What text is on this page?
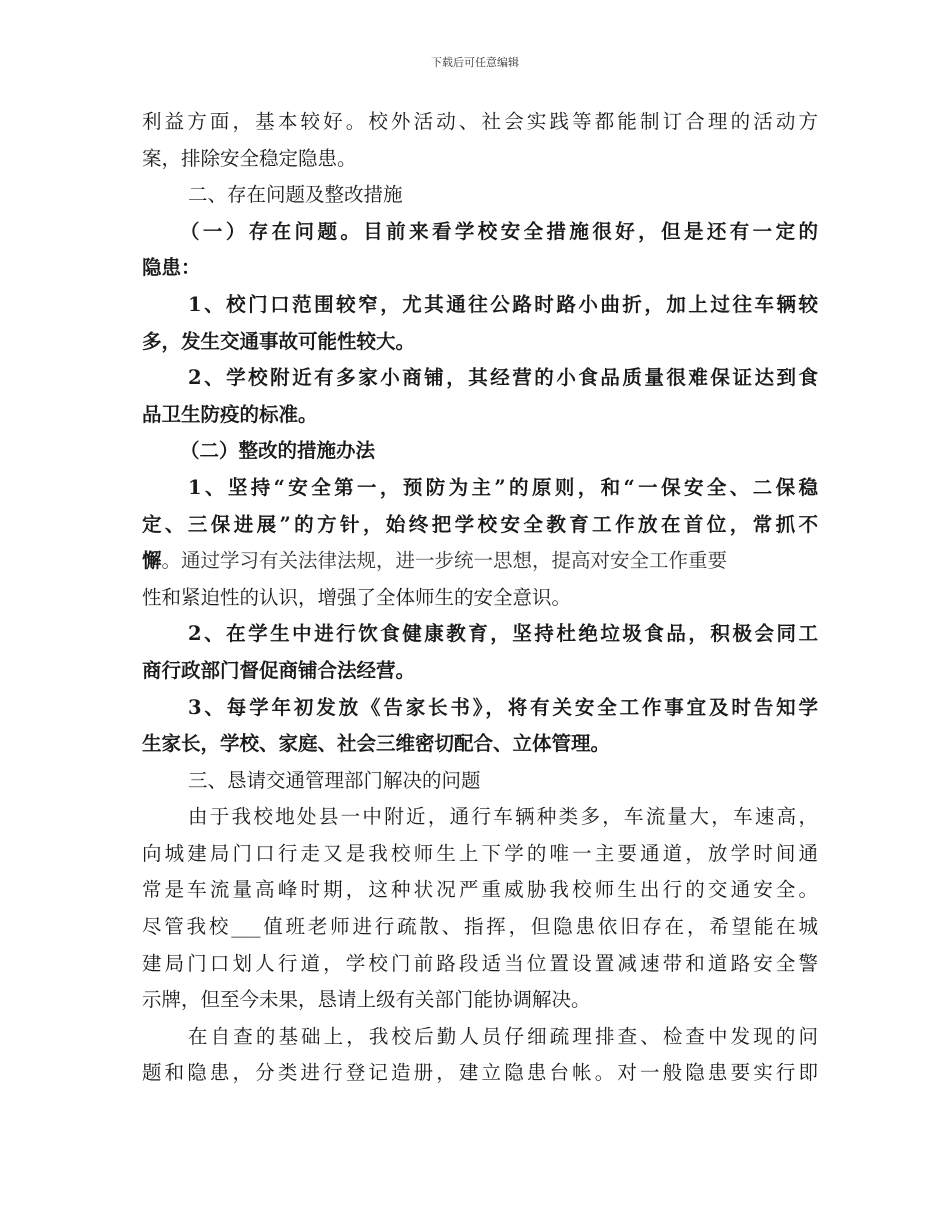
下载后可任意编辑
利益方面，基本较好。校外活动、社会实践等都能制订合理的活动方
案，排除安全稳定隐患。
二、存在问题及整改措施
（一）存在问题。目前来看学校安全措施很好，但是还有一定的
隐患：
1、校门口范围较窄，尤其通往公路时路小曲折，加上过往车辆较
多，发生交通事故可能性较大。
2、学校附近有多家小商铺，其经营的小食品质量很难保证达到食
品卫生防疫的标准。
（二）整改的措施办法
1、坚持“安全第一，预防为主”的原则，和“一保安全、二保稳
定、三保进展”的方针，始终把学校安全教育工作放在首位，常抓不
懈。通过学习有关法律法规，进一步统一思想，提高对安全工作重要
性和紧迫性的认识，增强了全体师生的安全意识。
2、在学生中进行饮食健康教育，坚持杜绝垃圾食品，积极会同工
商行政部门督促商铺合法经营。
3、每学年初发放《告家长书》，将有关安全工作事宜及时告知学
生家长，学校、家庭、社会三维密切配合、立体管理。
三、恳请交通管理部门解决的问题
由于我校地处县一中附近，通行车辆种类多，车流量大，车速高，
向城建局门口行走又是我校师生上下学的唯一主要通道，放学时间通
常是车流量高峰时期，这种状况严重威胁我校师生出行的交通安全。
尽管我校___值班老师进行疏散、指挥，但隐患依旧存在，希望能在城
建局门口划人行道，学校门前路段适当位置设置减速带和道路安全警
示牌，但至今未果，恳请上级有关部门能协调解决。
在自查的基础上，我校后勤人员仔细疏理排查、检查中发现的问
题和隐患，分类进行登记造册，建立隐患台帐。对一般隐患要实行即
